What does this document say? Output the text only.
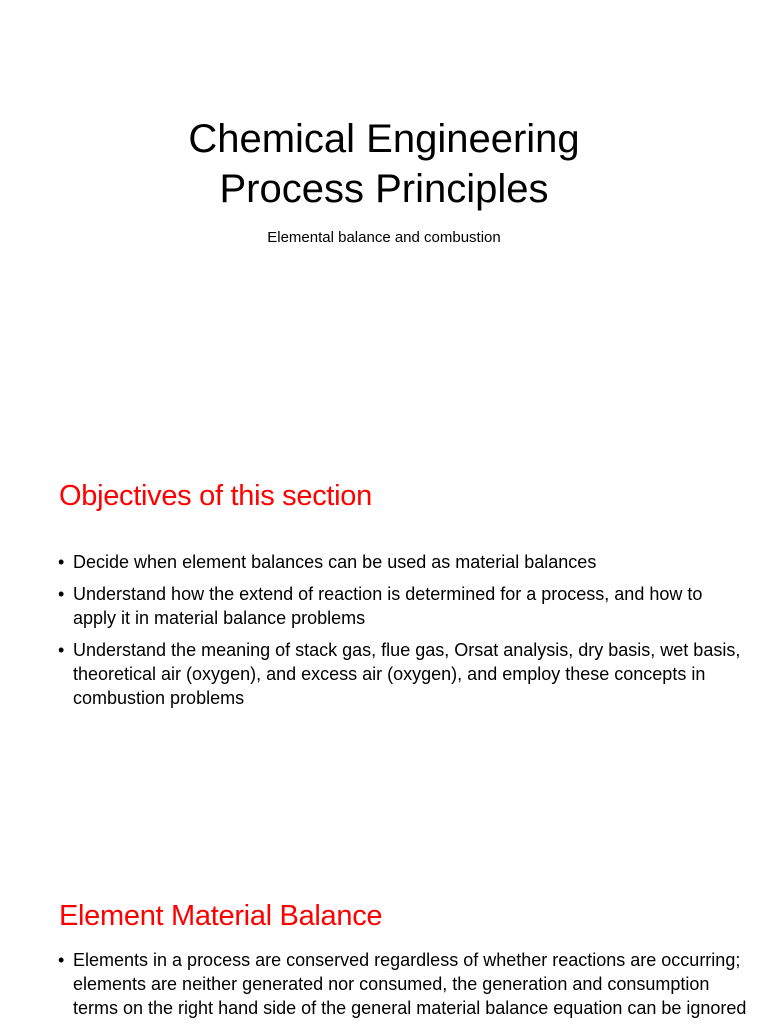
Chemical Engineering
Process Principles

Elemental balance and combustion

Objectives of this section
• Decide when element balances can be used as material balances
• Understand how the extend of reaction is determined for a process, and how to apply it in material balance problems
• Understand the meaning of stack gas, flue gas, Orsat analysis, dry basis, wet basis, theoretical air (oxygen), and excess air (oxygen), and employ these concepts in combustion problems
Element Material Balance
• Elements in a process are conserved regardless of whether reactions are occurring; elements are neither generated nor consumed, the generation and consumption terms on the right hand side of the general material balance equation can be ignored
